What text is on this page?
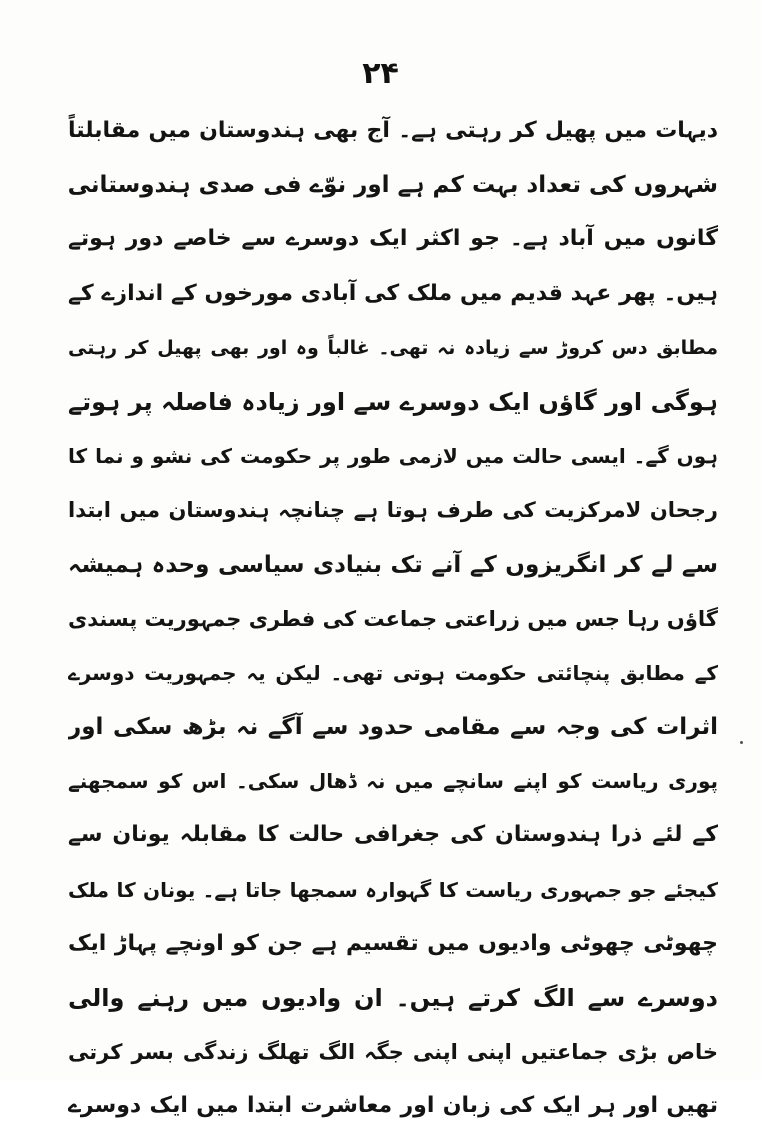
۲۴
دیہات میں پھیل کر رہتی ہے۔ آج بھی ہندوستان میں مقابلتاً
شہروں کی تعداد بہت کم ہے اور نوّے فی صدی ہندوستانی
گانوں میں آباد ہے۔ جو اکثر ایک دوسرے سے خاصے دور ہوتے
ہیں۔ پھر عہد قدیم میں ملک کی آبادی مورخوں کے اندازے کے
مطابق دس کروڑ سے زیادہ نہ تھی۔ غالباً وہ اور بھی پھیل کر رہتی
ہوگی اور گاؤں ایک دوسرے سے اور زیادہ فاصلہ پر ہوتے
ہوں گے۔ ایسی حالت میں لازمی طور پر حکومت کی نشو و نما کا
رجحان لامرکزیت کی طرف ہوتا ہے چنانچہ ہندوستان میں ابتدا
سے لے کر انگریزوں کے آنے تک بنیادی سیاسی وحدہ ہمیشہ
گاؤں رہا جس میں زراعتی جماعت کی فطری جمہوریت پسندی
کے مطابق پنچائتی حکومت ہوتی تھی۔ لیکن یہ جمہوریت دوسرے
اثرات کی وجہ سے مقامی حدود سے آگے نہ بڑھ سکی اور
پوری ریاست کو اپنے سانچے میں نہ ڈھال سکی۔ اس کو سمجھنے
کے لئے ذرا ہندوستان کی جغرافی حالت کا مقابلہ یونان سے
کیجئے جو جمہوری ریاست کا گہوارہ سمجھا جاتا ہے۔ یونان کا ملک
چھوٹی چھوٹی وادیوں میں تقسیم ہے جن کو اونچے پہاڑ ایک
دوسرے سے الگ کرتے ہیں۔ ان وادیوں میں رہنے والی
خاص بڑی جماعتیں اپنی اپنی جگہ الگ تھلگ زندگی بسر کرتی
تھیں اور ہر ایک کی زبان اور معاشرت ابتدا میں ایک دوسرے
